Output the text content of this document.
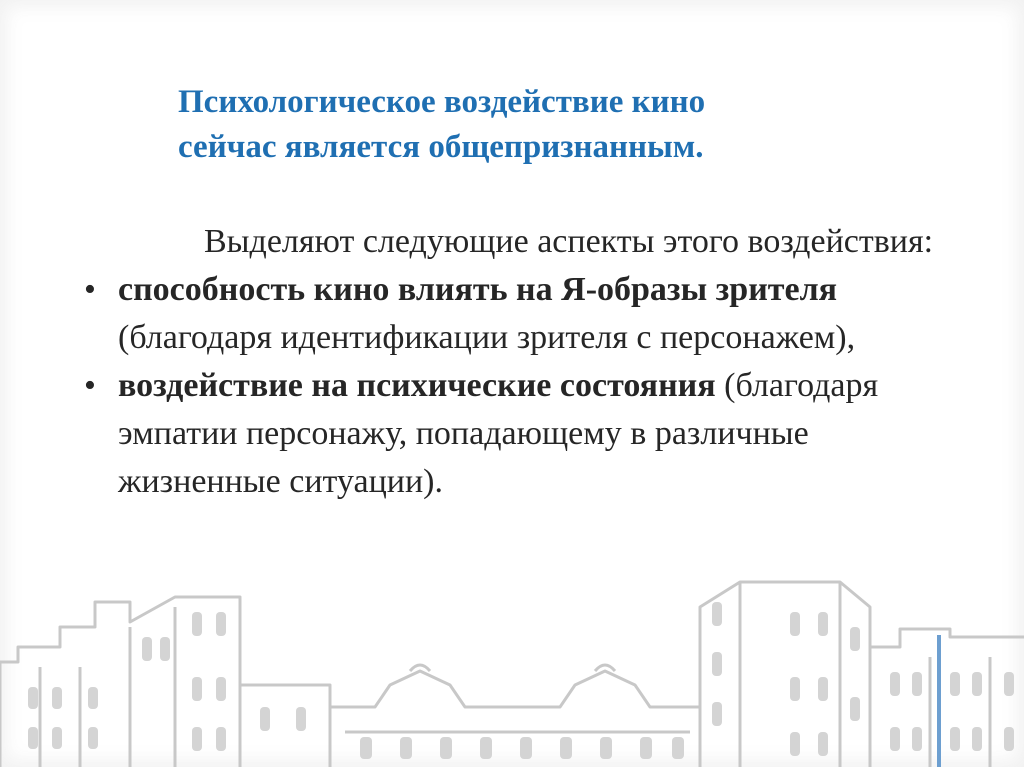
Психологическое воздействие кино
сейчас является общепризнанным.

Выделяют следующие аспекты этого воздействия:

• способность кино влиять на Я-образы зрителя (благодаря идентификации зрителя с персонажем),
• воздействие на психические состояния (благодаря эмпатии персонажу, попадающему в различные жизненные ситуации).
